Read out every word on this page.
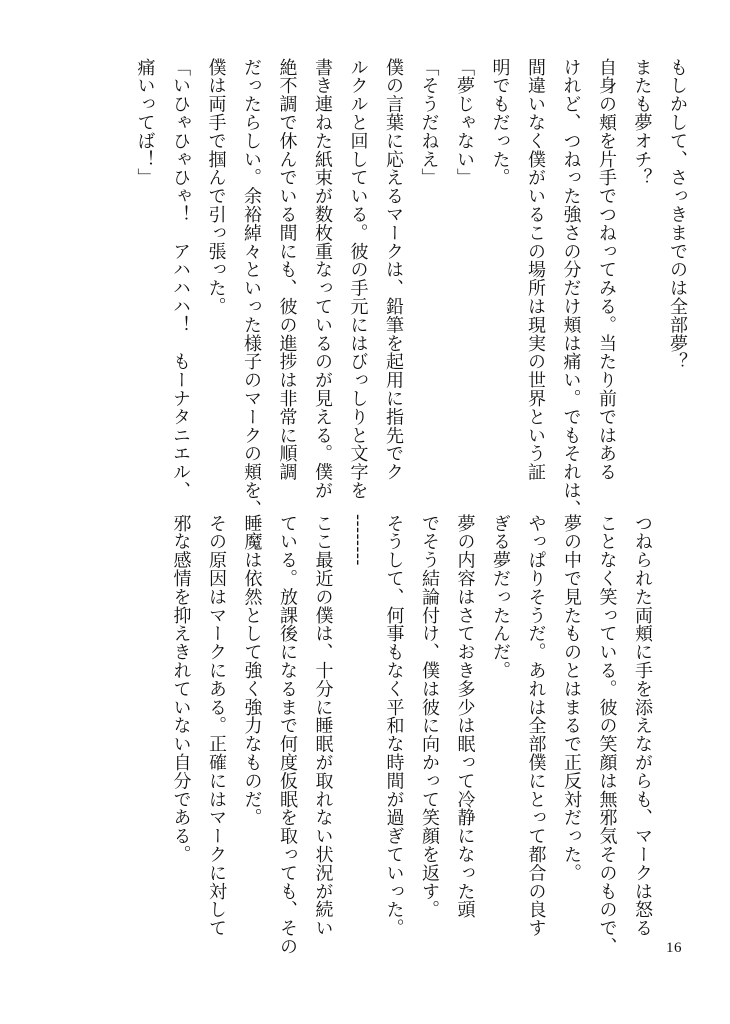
もしかして、さっきまでのは全部夢？
またも夢オチ？
自身の頬を片手でつねってみる。当たり前ではある
けれど、つねった強さの分だけ頬は痛い。でもそれは、
間違いなく僕がいるこの場所は現実の世界という証
明でもだった。
「夢じゃない」
「そうだねえ」
僕の言葉に応えるマークは、鉛筆を起用に指先でク
ルクルと回している。彼の手元にはびっしりと文字を
書き連ねた紙束が数枚重なっているのが見える。僕が
絶不調で休んでいる間にも、彼の進捗は非常に順調
だったらしい。余裕綽々といった様子のマークの頬を、
僕は両手で掴んで引っ張った。
「いひゃひゃひゃ！　アハハハ！　もーナタニエル、
痛いってば！」
つねられた両頬に手を添えながらも、マークは怒る
ことなく笑っている。彼の笑顔は無邪気そのもので、
夢の中で見たものとはまるで正反対だった。
やっぱりそうだ。あれは全部僕にとって都合の良す
ぎる夢だったんだ。
夢の内容はさておき多少は眠って冷静になった頭
でそう結論付け、僕は彼に向かって笑顔を返す。
そうして、何事もなく平和な時間が過ぎていった。
--------
ここ最近の僕は、十分に睡眠が取れない状況が続い
ている。放課後になるまで何度仮眠を取っても、その
睡魔は依然として強く強力なものだ。
その原因はマークにある。正確にはマークに対して
邪な感情を抑えきれていない自分である。
16
